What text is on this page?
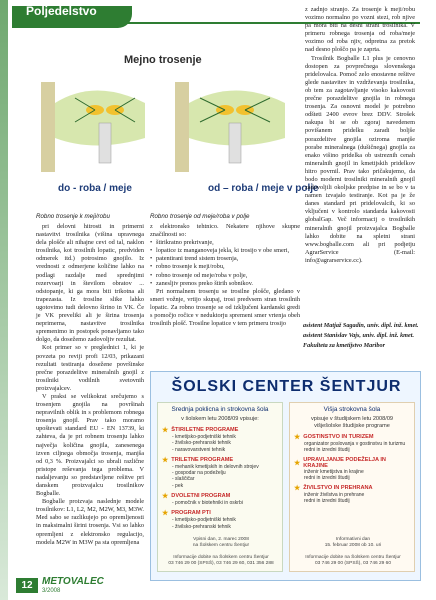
Poljedelstvo
Mejno trosenje
do - roba / meje	od – roba / meje v polje
Robno trosenje k meji/robu	Robno trosenje od meje/roba v polje

pri delovni hitrosti in primerni nastavitvi trosilnika (višina upravnega dela plošče ali nihajne cevi od tal, naklon trosilnika, kot trosilnih lopatic, predviden odmerek itd.) potrosimo gnojilo. Iz vrednosti z odmerjene količine lahko na podlagi razdalje med sprednjimi rezervoarji in številom obratov ... odstopanje, ki ga mora biti trikotna ali trapezasta. Iz trosilne slike lahko ugotovimo tudi delovno širino in VK. Če je VK preveliki ali je širina trosenja neprimerna, nastavitve trosilnika spremenimo in postopek ponavljamo tako dolgo, da dosežemo zadovoljiv rezultat.

Kot primer so v preglednici 1, ki je povzeta po reviji profi 12/03, prikazani rezultati testiranja dosežene površinske prečne porazdelitve mineralnih gnojil z trosilniki vodilnih svetovnih proizvajalcev.

V praksi se velikokrat srečujemo s trosenjem gnojila na površinah nepravilnih oblik in s problemom robnega trosenja gnojil. Prav tako moramo upoštevati standard EU - EN 13739, ki zahteva, da je pri robnem trosenju lahko največja količina gnojila, zanesenega izven ciljnega območja trosenja, manjša od 0,3 %. Proizvajalci so ubrali različne pristope reševanja tega problema. V nadaljevanju so predstavljene rešitve pri danskem proizvajalcu trosilnikov Bogballe.

Bogballe proizvaja naslednje modele trosilnikov: L1, L2, M2, M2W, M3, M3W. Med sabo se razlikujejo po opremljenosti in maksimalni širini trosenja. Vsi so lahko opremljeni z elektronsko regulacijo, modela M2W in M3W pa sta opremljena

z elektronsko tehtnico. Nekatere njihove skupne značilnosti so:

• štirikratno prekrivanje,
• lopatice iz manganoveja jekla, ki trosijo v obe smeri,
• patentirani trend sistem trosenja,
• robno trosenje k meji/robu,
• robno trosenje od meje/roba v polje,
• zanesljiv prenos preko štirih sobnikov.

Pri normalnem trosenju se trosilne plošče, gledano v smeri vožnje, vrtijo skupaj, trosi predvsem stran trosilnih lopatic. Za robno trosenje se od izključeni kardanski gredi s pomočjo ročice v neduktorju spremeni smer vrtenja obeh trosilnih plošč. Trosilne lopatice v tem primeru trosijo

z zadnjo stranjo. Za trosenje k meji/robu vozimo normalno po vozni stezi, rob njive pa mora biti na desni strani trosilnika. V primeru robnega trosenja od roba/meje vozimo od roba njiv, odpretna za pretok nad desno ploščo pa je zaprta.

Trosilnik Bogballe L1 plus je cenovno dostopen za povprečnega slovenskega pridelovalca. Pomoč zelo enostavne rešitve glede nastavitev in vzdrževanja trosilnika, ob tem za zagotavljanje visoko kakovosti prečne porazdelitve gnojila in robnega trosenja. Za osnovni model je potrebno odšteti 2400 evrov brez DDV. Strošek nakupa bi se ob zgoraj navedenem povišanem pridelku zaradi boljše porazdelitve gnojila oziroma manjše porabe mineralnega (dušičnega) gnojila za enako višino pridelka ob ustreznih cenah mineralnih gnojil in kmetijskih pridelkov hitro povrnil. Prav tako pričakujemo, da bodo moderni trosilniki mineralnih gnojil zadovoljili okoljske predpise in se bo v ta namen izvajalo testiranje. Kot pa je že danes standard pri pridelovalcih, ki so vključeni v kontrolo standarda kakovosti globalGap. Več informacij o trosilnikih mineralnih gnojil proizvajalca Bogballe lahko dobite na spletni strani www.bogballe.com ali pri podjetju AgrarService (E-mail: info@agrarservice.cc).

asistent Matjaž Sagadin, univ. dipl. inž. kmet.
asistent Stanislav Vajs, univ. dipl. inž. kmet.
Fakulteta za kmetijstvo Maribor
ŠOLSKI CENTER ŠENTJUR
Srednja poklicna in strokovna šola
v šolskem letu 2008/09 vpisuje:
★ ŠTIRILETNE PROGRAME
- kmetijsko-podjetniški tehnik
- živilsko-prehranski tehnik
- naravovarstveni tehnik
★ TRILETNE PROGRAME
- mehanik kmetijskih in delovnih strojev
- gospodar na podeželju
- slaščičar
- pek
★ DVOLETNI PROGRAM
- pomočnik v biotehniki in oskrbi
★ PROGRAM PTI
- kmetijsko-podjetniški tehnik
- živilsko-prehranski tehnik
Vpisni dan, 2. marec 2008
na Šolskem centru Šentjur
Informacije dobite na Šolskem centru Šentjur
03 746 29 00 (SPSŠ), 03 746 29 60, 031 356 288
Višja strokovna šola
vpisuje v študijskem letu 2008/09
višješolske študijske programe
★ GOSTINSTVO IN TURIZEM
organizator poslovanja v gostinstvu in turizmu
redni in izredni študij
★ UPRAVLJANJE PODEŽELJA IN KRAJINE
inženir kmetijstva in krajine
redni in izredni študij
★ ŽIVILSTVO IN PREHRANA
inženir živilstva in prehrane
redni in izredni študij
Informativni dan
15. februar 2008 ob 10. uri
Informacije dobite na Šolskem centru Šentjur
03 746 29 00 (SPSŠ), 03 746 29 60
12 METOVALEC
3/2008
